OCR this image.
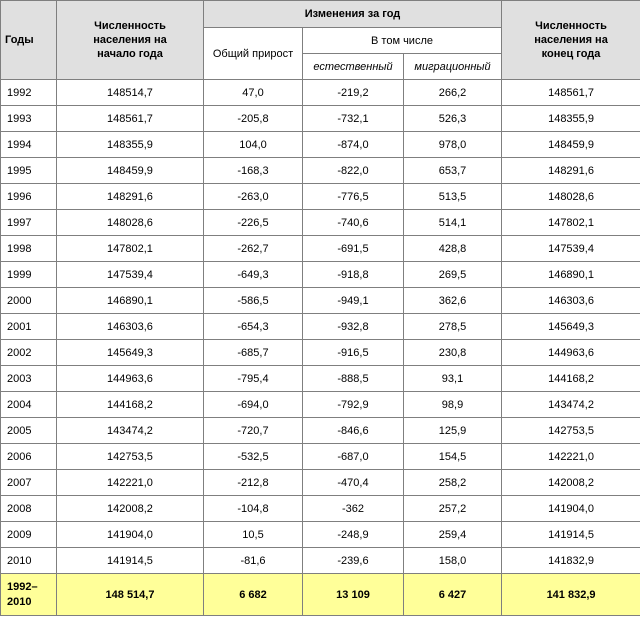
Годы	Численность населения на начало года	Изменения за год			Численность населения на конец года

		Общий прирост	В том числе		
			естественный	миграционный	
1992	148514,7	47,0	-219,2	266,2	148561,7
1993	148561,7	-205,8	-732,1	526,3	148355,9
1994	148355,9	104,0	-874,0	978,0	148459,9
1995	148459,9	-168,3	-822,0	653,7	148291,6
1996	148291,6	-263,0	-776,5	513,5	148028,6
1997	148028,6	-226,5	-740,6	514,1	147802,1
1998	147802,1	-262,7	-691,5	428,8	147539,4
1999	147539,4	-649,3	-918,8	269,5	146890,1
2000	146890,1	-586,5	-949,1	362,6	146303,6
2001	146303,6	-654,3	-932,8	278,5	145649,3
2002	145649,3	-685,7	-916,5	230,8	144963,6
2003	144963,6	-795,4	-888,5	93,1	144168,2
2004	144168,2	-694,0	-792,9	98,9	143474,2
2005	143474,2	-720,7	-846,6	125,9	142753,5
2006	142753,5	-532,5	-687,0	154,5	142221,0
2007	142221,0	-212,8	-470,4	258,2	142008,2
2008	142008,2	-104,8	-362	257,2	141904,0
2009	141904,0	10,5	-248,9	259,4	141914,5
2010	141914,5	-81,6	-239,6	158,0	141832,9
1992–2010	148 514,7	6 682	13 109	6 427	141 832,9
